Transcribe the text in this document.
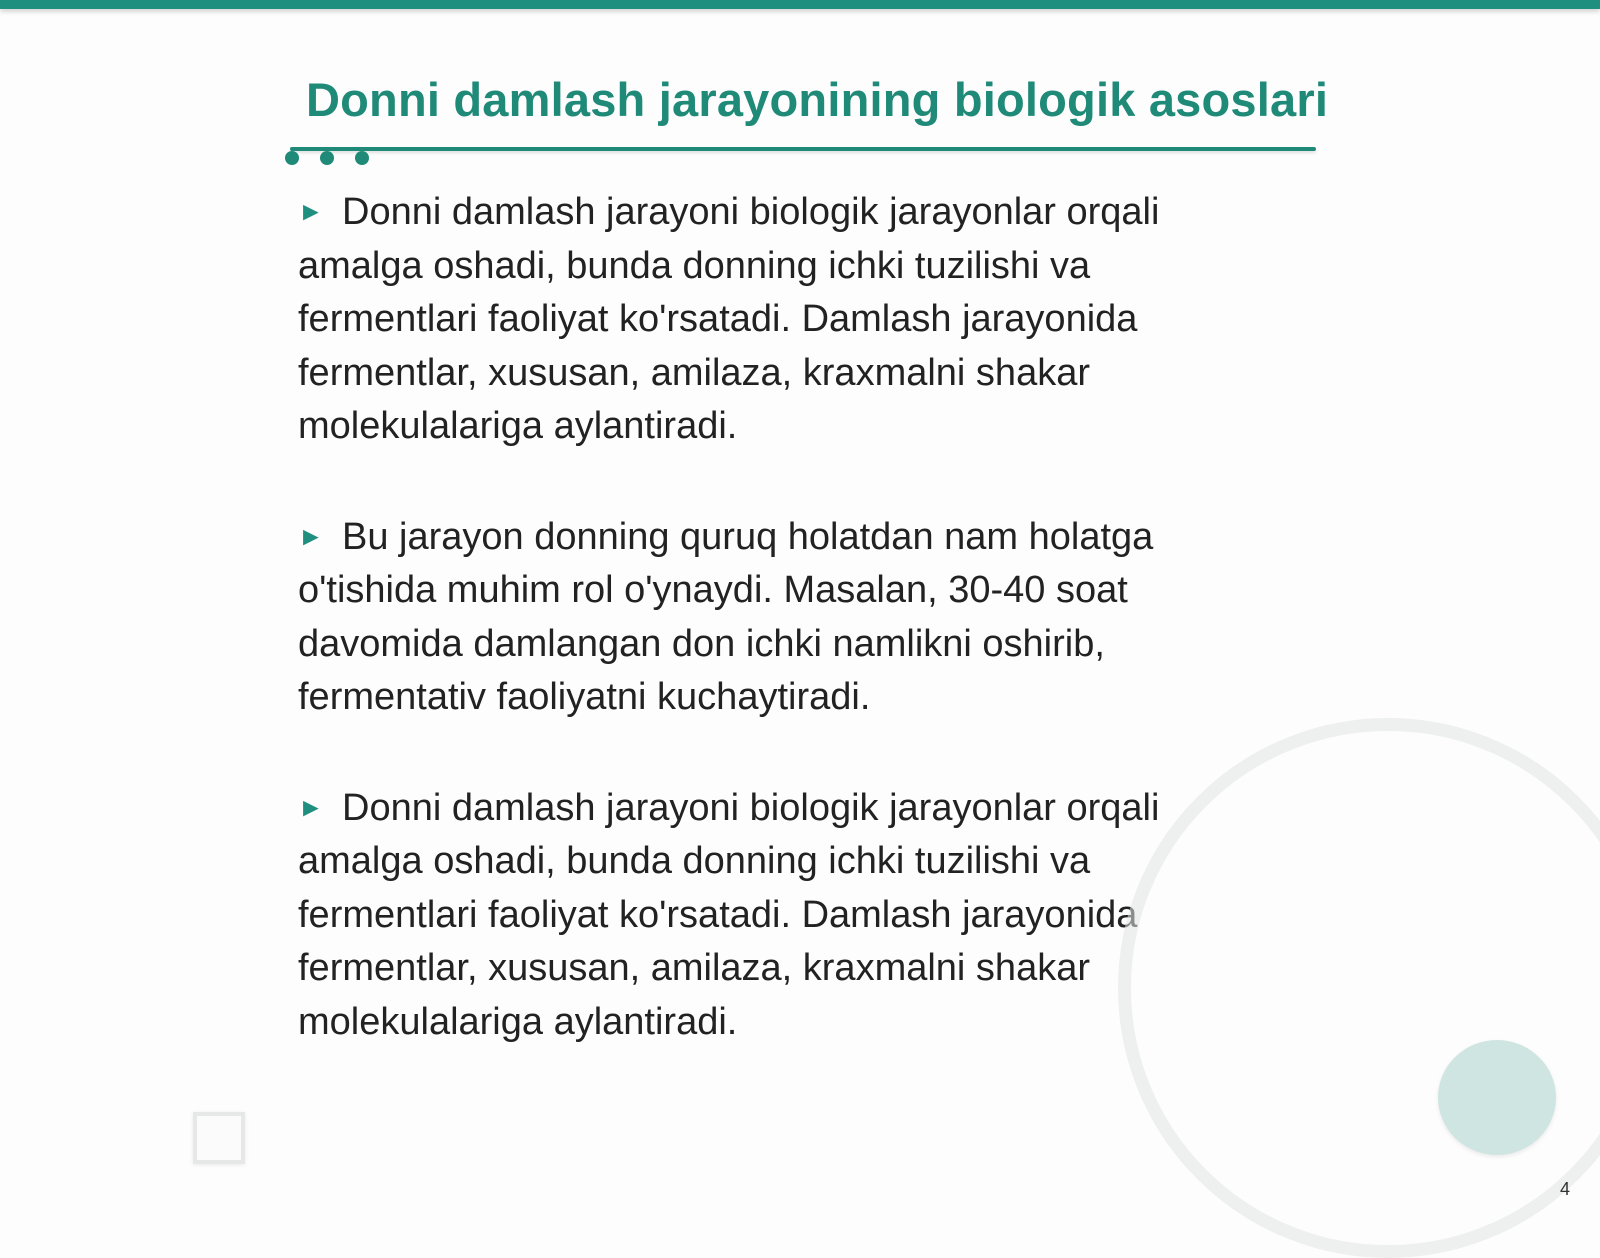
Donni damlash jarayonining biologik asoslari

► Donni damlash jarayoni biologik jarayonlar orqali amalga oshadi, bunda donning ichki tuzilishi va fermentlari faoliyat ko'rsatadi. Damlash jarayonida fermentlar, xususan, amilaza, kraxmalni shakar molekulalariga aylantiradi.

► Bu jarayon donning quruq holatdan nam holatga o'tishida muhim rol o'ynaydi. Masalan, 30-40 soat davomida damlangan don ichki namlikni oshirib, fermentativ faoliyatni kuchaytiradi.

► Donni damlash jarayoni biologik jarayonlar orqali amalga oshadi, bunda donning ichki tuzilishi va fermentlari faoliyat ko'rsatadi. Damlash jarayonida fermentlar, xususan, amilaza, kraxmalni shakar molekulalariga aylantiradi.

4
